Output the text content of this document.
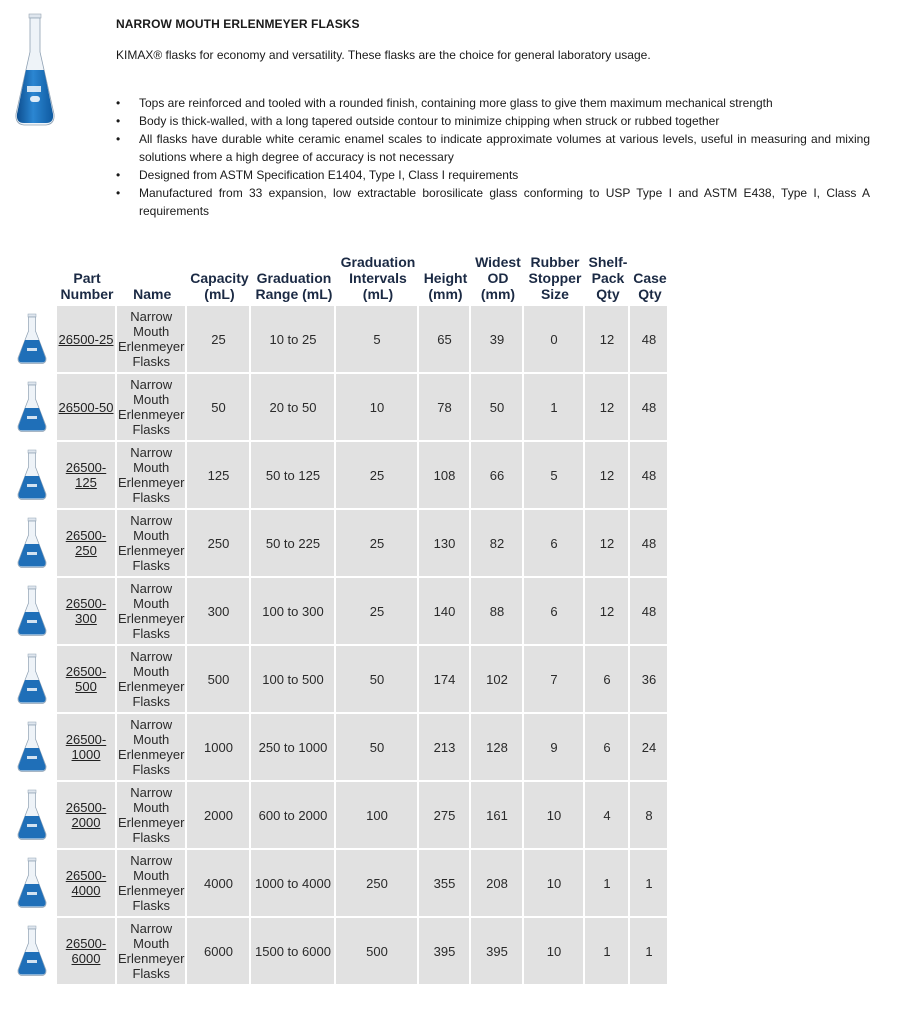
NARROW MOUTH ERLENMEYER FLASKS
KIMAX® flasks for economy and versatility. These flasks are the choice for general laboratory usage.
• Tops are reinforced and tooled with a rounded finish, containing more glass to give them maximum mechanical strength
• Body is thick-walled, with a long tapered outside contour to minimize chipping when struck or rubbed together
• All flasks have durable white ceramic enamel scales to indicate approximate volumes at various levels, useful in measuring and mixing solutions where a high degree of accuracy is not necessary
• Designed from ASTM Specification E1404, Type I, Class I requirements
• Manufactured from 33 expansion, low extractable borosilicate glass conforming to USP Type I and ASTM E438, Type I, Class A requirements
	Part Number	Name	Capacity (mL)	Graduation Range (mL)	Graduation Intervals (mL)	Height (mm)	Widest OD (mm)	Rubber Stopper Size	Shelf-Pack Qty	Case Qty

	26500-25	Narrow Mouth Erlenmeyer Flasks	25	10 to 25	5	65	39	0	12	48

	26500-50	Narrow Mouth Erlenmeyer Flasks	50	20 to 50	10	78	50	1	12	48

	26500-125	Narrow Mouth Erlenmeyer Flasks	125	50 to 125	25	108	66	5	12	48

	26500-250	Narrow Mouth Erlenmeyer Flasks	250	50 to 225	25	130	82	6	12	48

	26500-300	Narrow Mouth Erlenmeyer Flasks	300	100 to 300	25	140	88	6	12	48

	26500-500	Narrow Mouth Erlenmeyer Flasks	500	100 to 500	50	174	102	7	6	36

	26500-1000	Narrow Mouth Erlenmeyer Flasks	1000	250 to 1000	50	213	128	9	6	24

	26500-2000	Narrow Mouth Erlenmeyer Flasks	2000	600 to 2000	100	275	161	10	4	8

	26500-4000	Narrow Mouth Erlenmeyer Flasks	4000	1000 to 4000	250	355	208	10	1	1

	26500-6000	Narrow Mouth Erlenmeyer Flasks	6000	1500 to 6000	500	395	395	10	1	1
